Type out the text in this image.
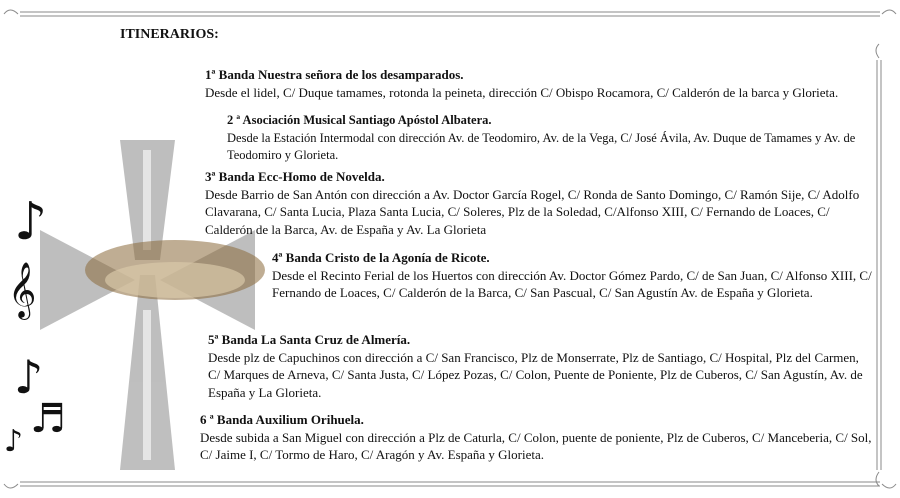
♪
𝄞
♪
♬
♪
ITINERARIOS:
1ª Banda Nuestra señora de los desamparados.
Desde el lidel, C/ Duque tamames, rotonda la peineta, dirección C/ Obispo Rocamora, C/ Calderón de la barca y Glorieta.
2 ª Asociación Musical Santiago Apóstol Albatera.
Desde la Estación Intermodal con dirección Av. de Teodomiro, Av. de la Vega, C/ José Ávila, Av. Duque de Tamames y Av. de Teodomiro y Glorieta.
3ª Banda Ecc-Homo de Novelda.
Desde Barrio de San Antón con dirección a Av. Doctor García Rogel, C/ Ronda de Santo Domingo, C/ Ramón Sije, C/ Adolfo Clavarana, C/ Santa Lucia, Plaza Santa Lucia, C/ Soleres, Plz de la Soledad, C/Alfonso XIII, C/ Fernando de Loaces, C/ Calderón de la Barca, Av. de España y Av. La Glorieta
4ª Banda Cristo de la Agonía de Ricote.
Desde el Recinto Ferial de los Huertos con dirección Av. Doctor Gómez Pardo, C/ de San Juan, C/ Alfonso XIII, C/ Fernando de Loaces, C/ Calderón de la Barca, C/ San Pascual, C/ San Agustín Av. de España y Glorieta.
5ª Banda La Santa Cruz de Almería.
Desde plz de Capuchinos con dirección a C/ San Francisco, Plz de Monserrate, Plz de Santiago, C/ Hospital, Plz del Carmen, C/ Marques de Arneva, C/ Santa Justa, C/ López Pozas, C/ Colon, Puente de Poniente, Plz de Cuberos, C/ San Agustín, Av. de España y La Glorieta.
6 ª Banda Auxilium Orihuela.
Desde subida a San Miguel con dirección a Plz de Caturla, C/ Colon, puente de poniente, Plz de Cuberos, C/ Manceberia, C/ Sol, C/ Jaime I, C/ Tormo de Haro, C/ Aragón y Av. España y Glorieta.
